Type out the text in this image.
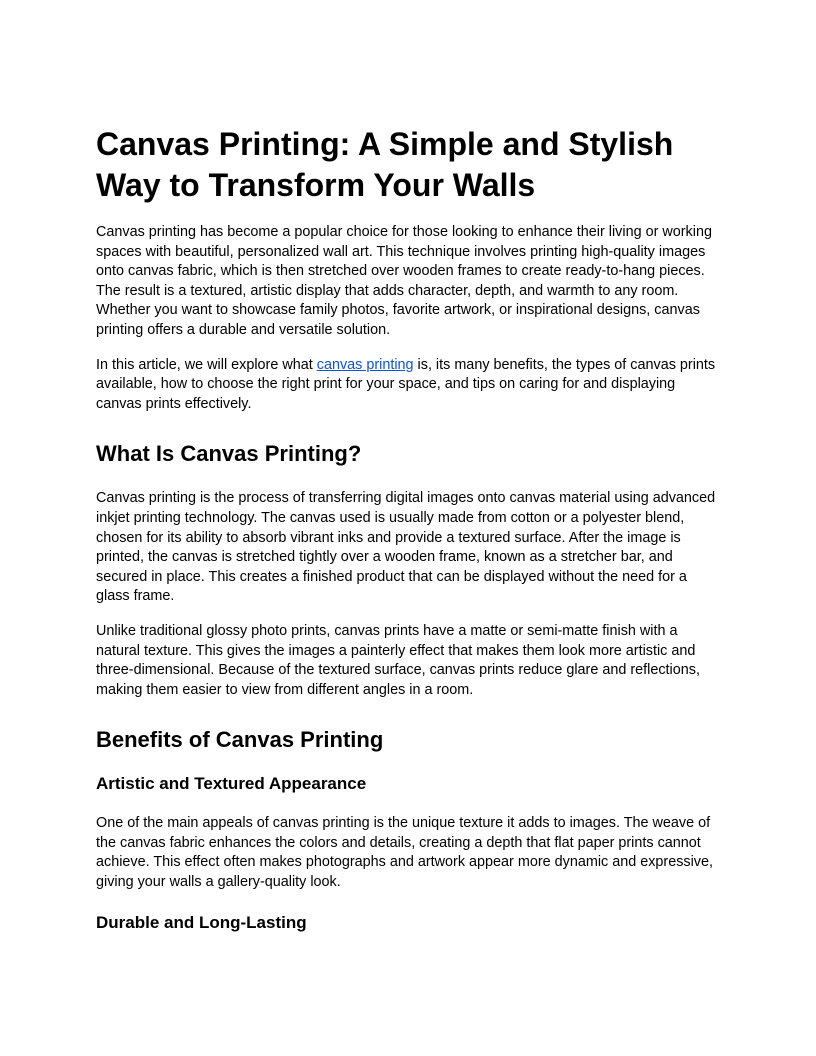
Canvas Printing: A Simple and Stylish Way to Transform Your Walls

Canvas printing has become a popular choice for those looking to enhance their living or working spaces with beautiful, personalized wall art. This technique involves printing high-quality images onto canvas fabric, which is then stretched over wooden frames to create ready-to-hang pieces. The result is a textured, artistic display that adds character, depth, and warmth to any room. Whether you want to showcase family photos, favorite artwork, or inspirational designs, canvas printing offers a durable and versatile solution.

In this article, we will explore what canvas printing is, its many benefits, the types of canvas prints available, how to choose the right print for your space, and tips on caring for and displaying canvas prints effectively.

What Is Canvas Printing?

Canvas printing is the process of transferring digital images onto canvas material using advanced inkjet printing technology. The canvas used is usually made from cotton or a polyester blend, chosen for its ability to absorb vibrant inks and provide a textured surface. After the image is printed, the canvas is stretched tightly over a wooden frame, known as a stretcher bar, and secured in place. This creates a finished product that can be displayed without the need for a glass frame.

Unlike traditional glossy photo prints, canvas prints have a matte or semi-matte finish with a natural texture. This gives the images a painterly effect that makes them look more artistic and three-dimensional. Because of the textured surface, canvas prints reduce glare and reflections, making them easier to view from different angles in a room.

Benefits of Canvas Printing
Artistic and Textured Appearance

One of the main appeals of canvas printing is the unique texture it adds to images. The weave of the canvas fabric enhances the colors and details, creating a depth that flat paper prints cannot achieve. This effect often makes photographs and artwork appear more dynamic and expressive, giving your walls a gallery-quality look.

Durable and Long-Lasting
